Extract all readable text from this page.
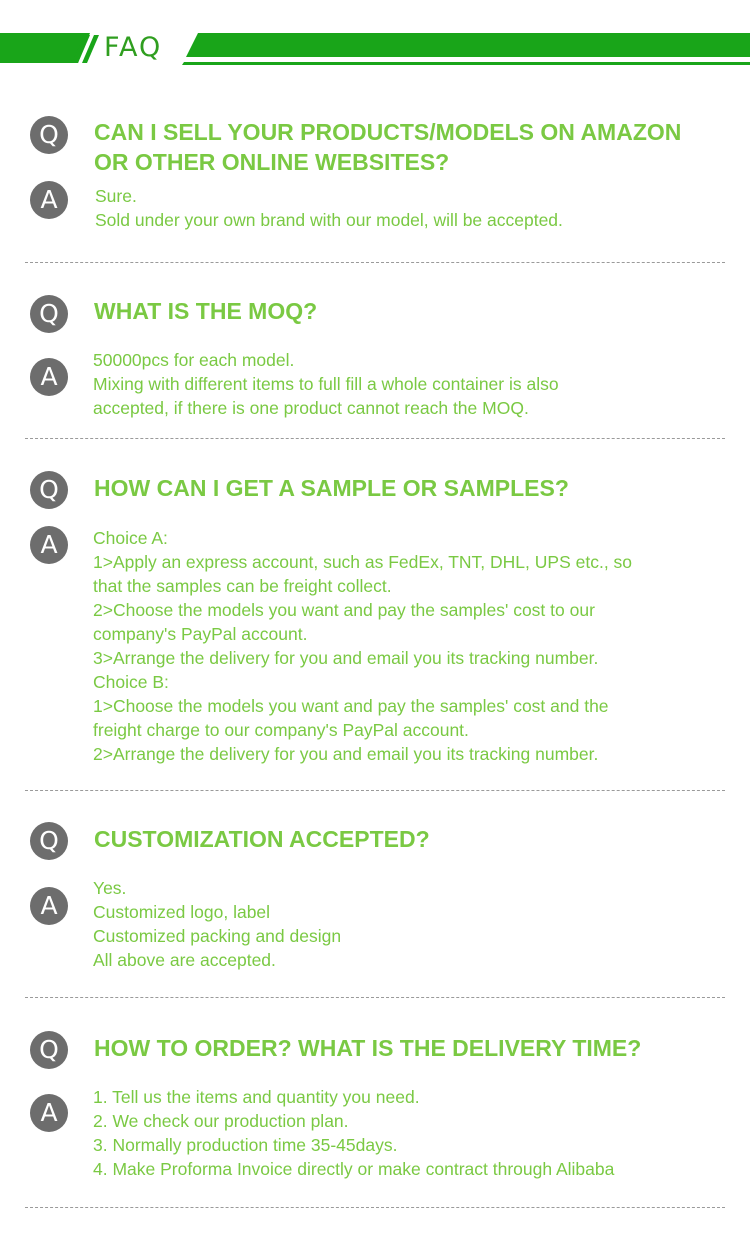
FAQ
Q	CAN I SELL YOUR PRODUCTS/MODELS ON AMAZON OR OTHER ONLINE WEBSITES?
A	Sure.
Sold under your own brand with our model, will be accepted.
Q	WHAT IS THE MOQ?
A
50000pcs for each model.
Mixing with different items to full fill a whole container is also
accepted, if there is one product cannot reach the MOQ.
Q	HOW CAN I GET A SAMPLE OR SAMPLES?
A	Choice A:
1>Apply an express account, such as FedEx, TNT, DHL, UPS etc., so
that the samples can be freight collect.
2>Choose the models you want and pay the samples' cost to our
company's PayPal account.
3>Arrange the delivery for you and email you its tracking number.
Choice B:
1>Choose the models you want and pay the samples' cost and the
freight charge to our company's PayPal account.
2>Arrange the delivery for you and email you its tracking number.
Q	CUSTOMIZATION ACCEPTED?
A
Yes.
Customized logo, label
Customized packing and design
All above are accepted.
Q	HOW TO ORDER? WHAT IS THE DELIVERY TIME?
A
1. Tell us the items and quantity you need.
2. We check our production plan.
3. Normally production time 35-45days.
4. Make Proforma Invoice directly or make contract through Alibaba
